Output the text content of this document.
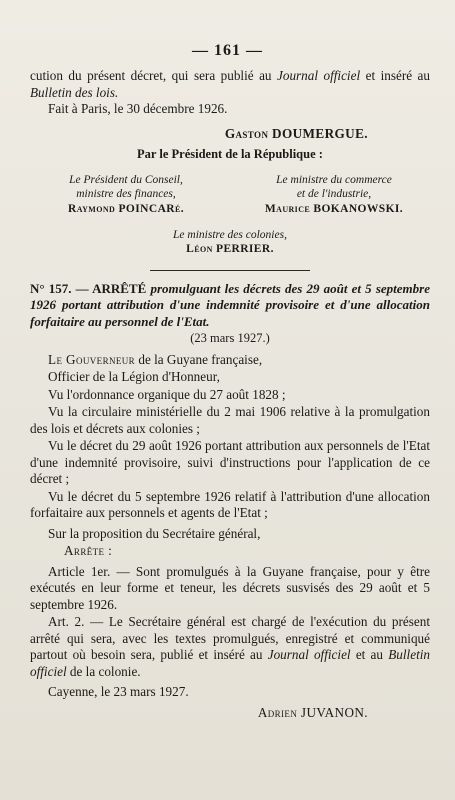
— 161 —

cution du présent décret, qui sera publié au Journal officiel et inséré au Bulletin des lois.

Fait à Paris, le 30 décembre 1926.

Gaston DOUMERGUE.

Par le Président de la République :

Le Président du Conseil,
ministre des finances,
Raymond POINCARé.
Le ministre du commerce
et de l'industrie,
Maurice BOKANOWSKI.
Le ministre des colonies,
Léon PERRIER.

N° 157. — ARRÊTÉ promulguant les décrets des 29 août et 5 septembre 1926 portant attribution d'une indemnité provisoire et d'une allocation forfaitaire au personnel de l'Etat.

(23 mars 1927.)

Le Gouverneur de la Guyane française,

Officier de la Légion d'Honneur,

Vu l'ordonnance organique du 27 août 1828 ;

Vu la circulaire ministérielle du 2 mai 1906 relative à la promulgation des lois et décrets aux colonies ;

Vu le décret du 29 août 1926 portant attribution aux personnels de l'Etat d'une indemnité provisoire, suivi d'instructions pour l'application de ce décret ;

Vu le décret du 5 septembre 1926 relatif à l'attribution d'une allocation forfaitaire aux personnels et agents de l'Etat ;

Sur la proposition du Secrétaire général,

Arrête :

Article 1er. — Sont promulgués à la Guyane française, pour y être exécutés en leur forme et teneur, les décrets susvisés des 29 août et 5 septembre 1926.

Art. 2. — Le Secrétaire général est chargé de l'exécution du présent arrêté qui sera, avec les textes promulgués, enregistré et communiqué partout où besoin sera, publié et inséré au Journal officiel et au Bulletin officiel de la colonie.

Cayenne, le 23 mars 1927.

Adrien JUVANON.
